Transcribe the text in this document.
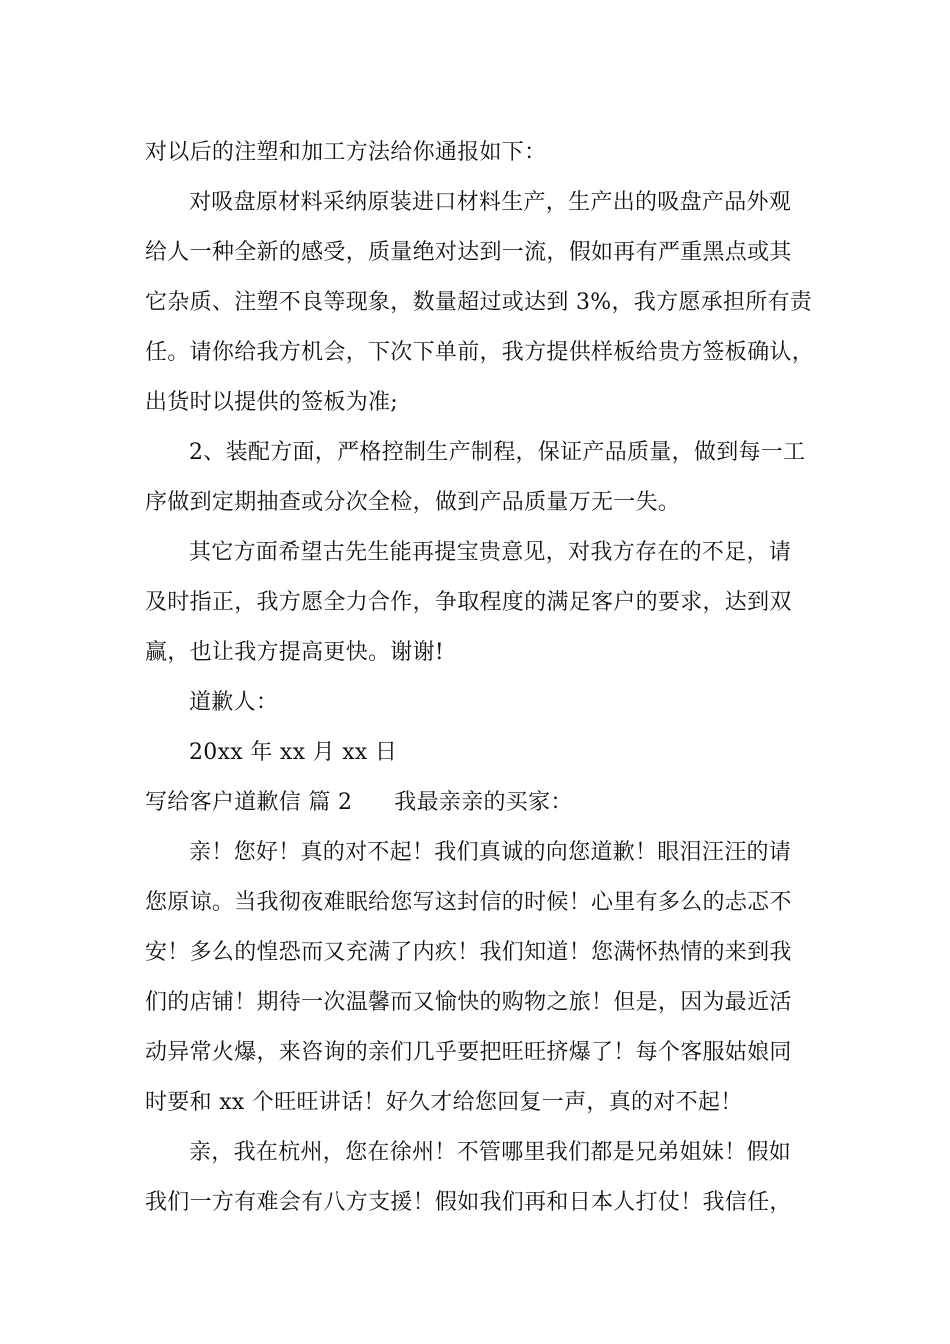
对以后的注塑和加工方法给你通报如下：
对吸盘原材料采纳原装进口材料生产，生产出的吸盘产品外观
给人一种全新的感受，质量绝对达到一流，假如再有严重黑点或其
它杂质、注塑不良等现象，数量超过或达到 3%，我方愿承担所有责
任。请你给我方机会，下次下单前，我方提供样板给贵方签板确认，
出货时以提供的签板为准;
2、装配方面，严格控制生产制程，保证产品质量，做到每一工
序做到定期抽查或分次全检，做到产品质量万无一失。
其它方面希望古先生能再提宝贵意见，对我方存在的不足，请
及时指正，我方愿全力合作，争取程度的满足客户的要求，达到双
赢，也让我方提高更快。谢谢!
道歉人：
20xx 年 xx 月 xx 日
写给客户道歉信 篇 2 我最亲亲的买家：
亲！您好！真的对不起！我们真诚的向您道歉！眼泪汪汪的请
您原谅。当我彻夜难眠给您写这封信的时候！心里有多么的忐忑不
安！多么的惶恐而又充满了内疚！我们知道！您满怀热情的来到我
们的店铺！期待一次温馨而又愉快的购物之旅！但是，因为最近活
动异常火爆，来咨询的亲们几乎要把旺旺挤爆了！每个客服姑娘同
时要和 xx 个旺旺讲话！好久才给您回复一声，真的对不起！
亲，我在杭州，您在徐州！不管哪里我们都是兄弟姐妹！假如
我们一方有难会有八方支援！假如我们再和日本人打仗！我信任，
